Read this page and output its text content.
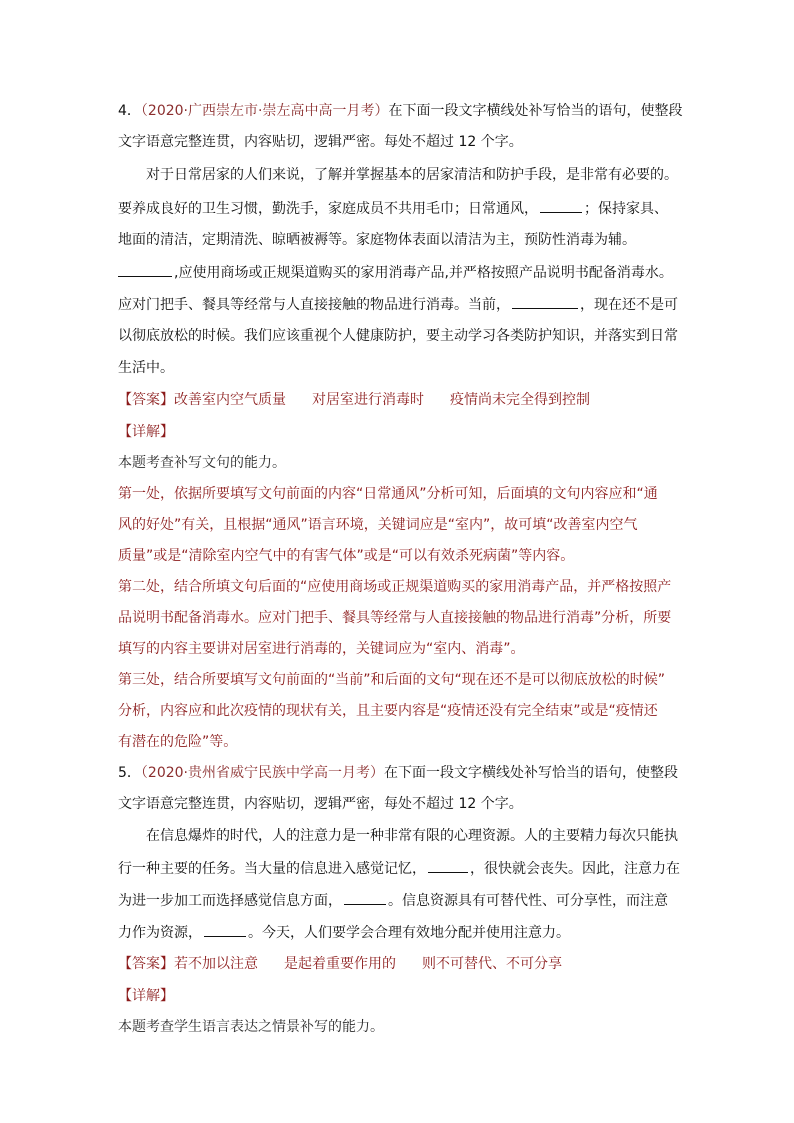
4．（2020·广西崇左市·崇左高中高一月考）在下面一段文字横线处补写恰当的语句，使整段
文字语意完整连贯，内容贴切，逻辑严密。每处不超过 12 个字。
对于日常居家的人们来说，了解并掌握基本的居家清洁和防护手段，是非常有必要的。
要养成良好的卫生习惯，勤洗手，家庭成员不共用毛巾；日常通风，	；保持家具、
地面的清洁，定期清洗、晾晒被褥等。家庭物体表面以清洁为主，预防性消毒为辅。
,应使用商场或正规渠道购买的家用消毒产品,并严格按照产品说明书配备消毒水。
应对门把手、餐具等经常与人直接接触的物品进行消毒。当前，	，现在还不是可
以彻底放松的时候。我们应该重视个人健康防护，要主动学习各类防护知识，并落实到日常
生活中。
【答案】改善室内空气质量 对居室进行消毒时 疫情尚未完全得到控制
【详解】
本题考查补写文句的能力。
第一处，依据所要填写文句前面的内容“日常通风”分析可知，后面填的文句内容应和“通
风的好处”有关，且根据“通风”语言环境，关键词应是“室内”，故可填“改善室内空气
质量”或是“清除室内空气中的有害气体”或是“可以有效杀死病菌”等内容。
第二处，结合所填文句后面的“应使用商场或正规渠道购买的家用消毒产品，并严格按照产
品说明书配备消毒水。应对门把手、餐具等经常与人直接接触的物品进行消毒”分析，所要
填写的内容主要讲对居室进行消毒的，关键词应为“室内、消毒”。
第三处，结合所要填写文句前面的“当前”和后面的文句“现在还不是可以彻底放松的时候”
分析，内容应和此次疫情的现状有关，且主要内容是“疫情还没有完全结束”或是“疫情还
有潜在的危险”等。
5．（2020·贵州省威宁民族中学高一月考）在下面一段文字横线处补写恰当的语句，使整段
文字语意完整连贯，内容贴切，逻辑严密，每处不超过 12 个字。
在信息爆炸的时代，人的注意力是一种非常有限的心理资源。人的主要精力每次只能执
行一种主要的任务。当大量的信息进入感觉记忆，	，很快就会丧失。因此，注意力在
为进一步加工而选择感觉信息方面，	。信息资源具有可替代性、可分享性，而注意
力作为资源，	。今天，人们要学会合理有效地分配并使用注意力。
【答案】若不加以注意 是起着重要作用的 则不可替代、不可分享
【详解】
本题考查学生语言表达之情景补写的能力。
